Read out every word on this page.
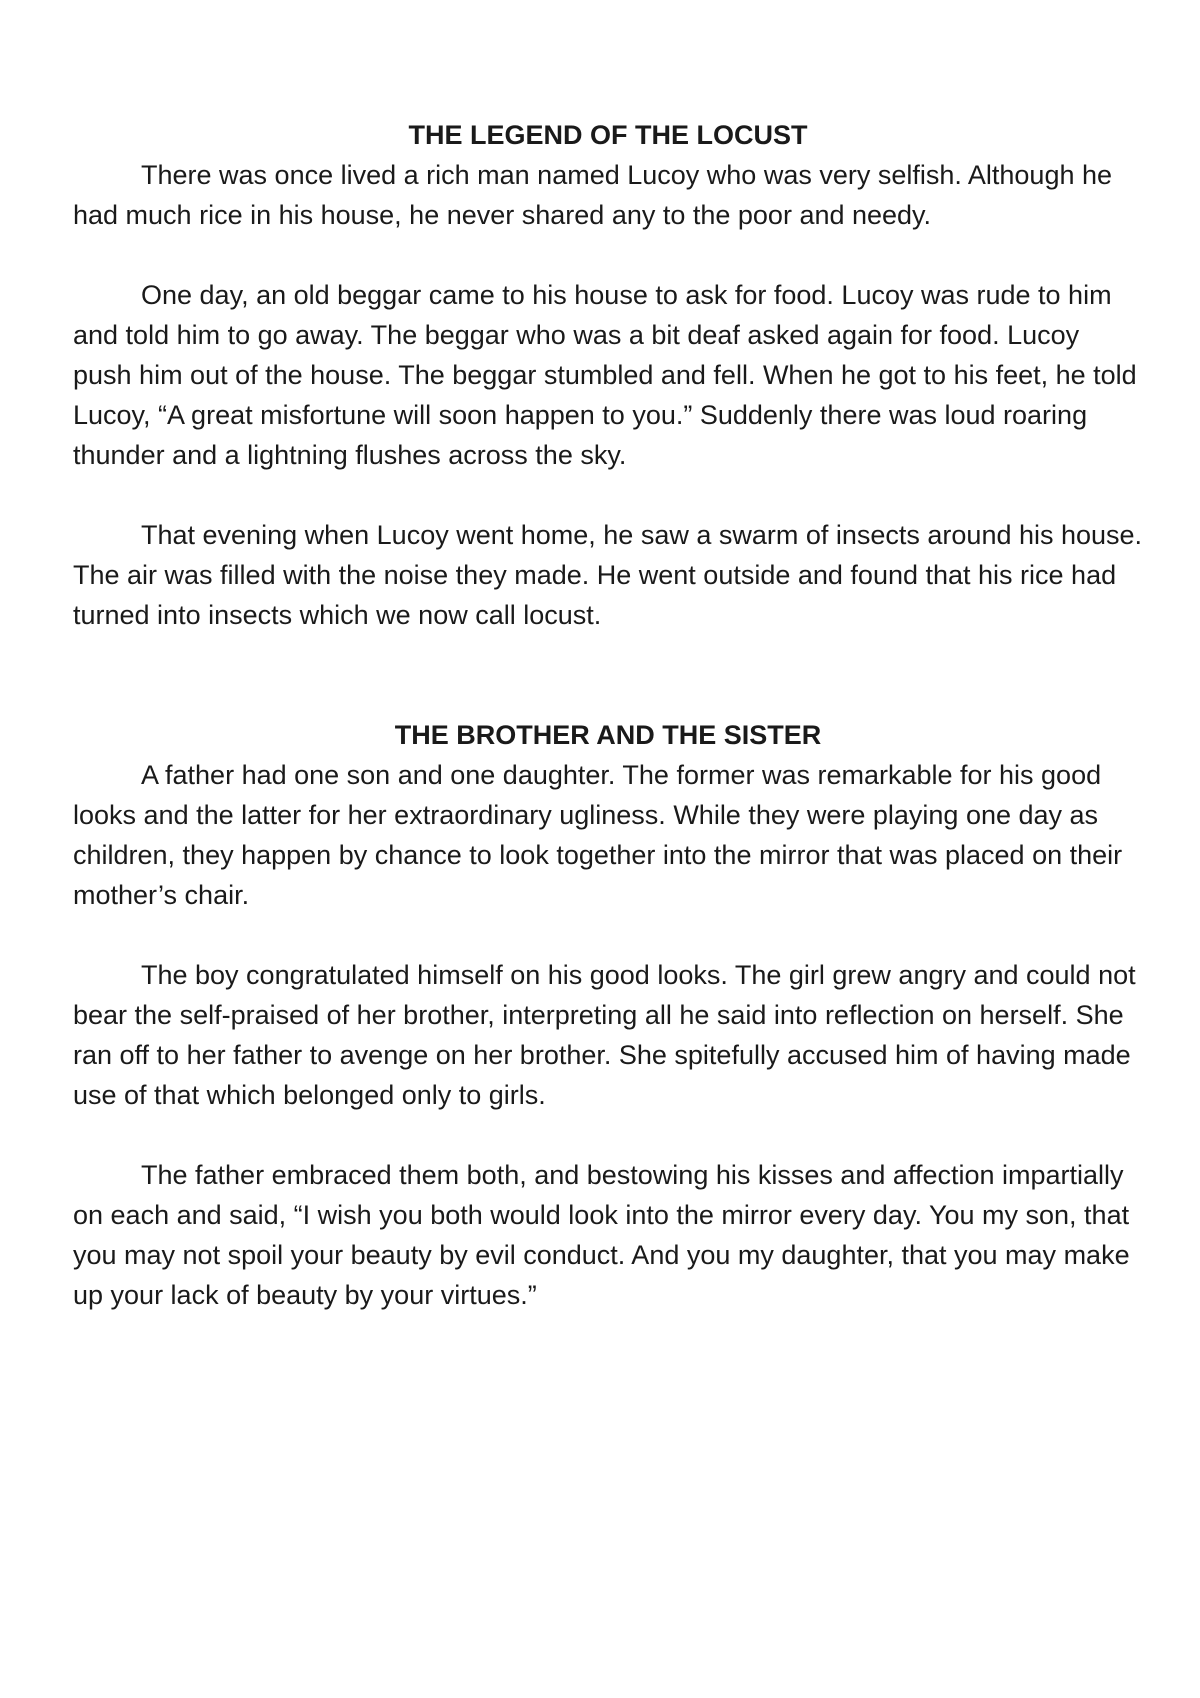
THE LEGEND OF THE LOCUST

There was once lived a rich man named Lucoy who was very selfish. Although he had much rice in his house, he never shared any to the poor and needy.

One day, an old beggar came to his house to ask for food. Lucoy was rude to him and told him to go away. The beggar who was a bit deaf asked again for food. Lucoy push him out of the house. The beggar stumbled and fell. When he got to his feet, he told Lucoy, “A great misfortune will soon happen to you.” Suddenly there was loud roaring thunder and a lightning flushes across the sky.

That evening when Lucoy went home, he saw a swarm of insects around his house. The air was filled with the noise they made. He went outside and found that his rice had turned into insects which we now call locust.

THE BROTHER AND THE SISTER

A father had one son and one daughter. The former was remarkable for his good looks and the latter for her extraordinary ugliness. While they were playing one day as children, they happen by chance to look together into the mirror that was placed on their mother’s chair.

The boy congratulated himself on his good looks. The girl grew angry and could not bear the self-praised of her brother, interpreting all he said into reflection on herself. She ran off to her father to avenge on her brother. She spitefully accused him of having made use of that which belonged only to girls.

The father embraced them both, and bestowing his kisses and affection impartially on each and said, “I wish you both would look into the mirror every day. You my son, that you may not spoil your beauty by evil conduct. And you my daughter, that you may make up your lack of beauty by your virtues.”
